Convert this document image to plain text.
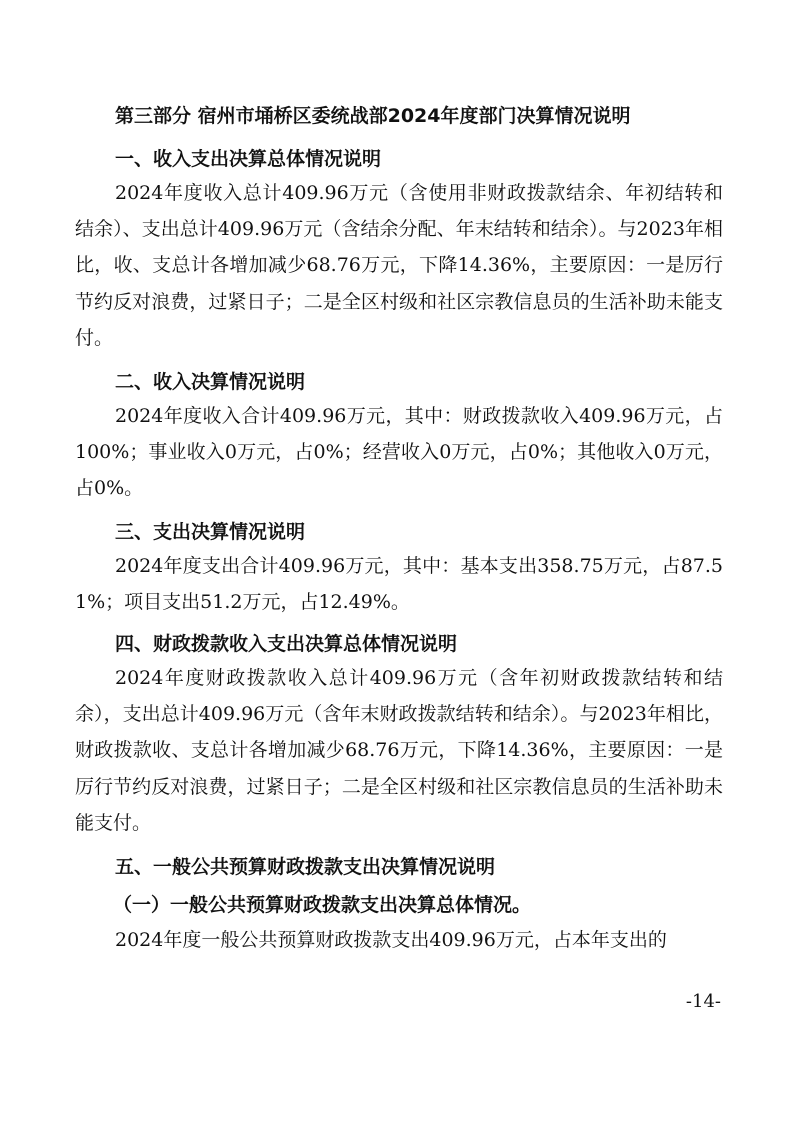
第三部分 宿州市埇桥区委统战部2024年度部门决算情况说明
一、收入支出决算总体情况说明
2024年度收入总计409.96万元（含使用非财政拨款结余、年初结转和结余）、支出总计409.96万元（含结余分配、年末结转和结余）。与2023年相比，收、支总计各增加减少68.76万元，下降14.36%，主要原因：一是厉行节约反对浪费，过紧日子；二是全区村级和社区宗教信息员的生活补助未能支付。
二、收入决算情况说明
2024年度收入合计409.96万元，其中：财政拨款收入409.96万元，占100%；事业收入0万元，占0%；经营收入0万元，占0%；其他收入0万元，占0%。
三、支出决算情况说明
2024年度支出合计409.96万元，其中：基本支出358.75万元，占87.51%；项目支出51.2万元，占12.49%。
四、财政拨款收入支出决算总体情况说明
2024年度财政拨款收入总计409.96万元（含年初财政拨款结转和结余），支出总计409.96万元（含年末财政拨款结转和结余）。与2023年相比，财政拨款收、支总计各增加减少68.76万元，下降14.36%，主要原因：一是厉行节约反对浪费，过紧日子；二是全区村级和社区宗教信息员的生活补助未能支付。
五、一般公共预算财政拨款支出决算情况说明
（一）一般公共预算财政拨款支出决算总体情况。
2024年度一般公共预算财政拨款支出409.96万元，占本年支出的
-14-
